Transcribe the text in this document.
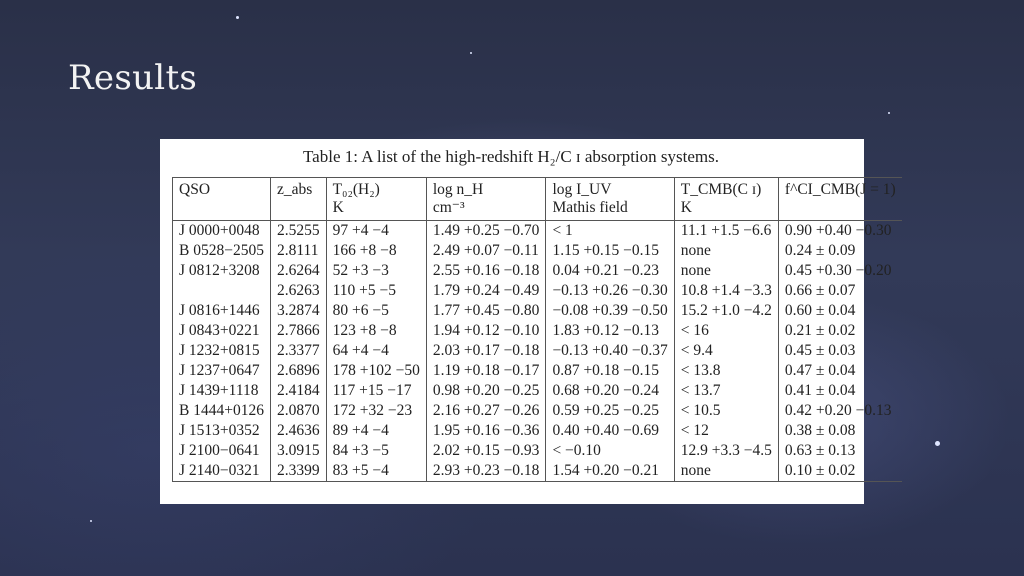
Results
Table 1: A list of the high-redshift H₂/C ɪ absorption systems.
QSO	z_abs	T₀₂(H₂)	log n_H	log I_UV	T_CMB(C ɪ)	f^CI_CMB(J = 1)
		K	cm⁻³	Mathis field	K	
J 0000+0048	2.5255	97 +4 −4	1.49 +0.25 −0.70	< 1	11.1 +1.5 −6.6	0.90 +0.40 −0.30
B 0528−2505	2.8111	166 +8 −8	2.49 +0.07 −0.11	1.15 +0.15 −0.15	none	0.24 ± 0.09
J 0812+3208	2.6264	52 +3 −3	2.55 +0.16 −0.18	0.04 +0.21 −0.23	none	0.45 +0.30 −0.20
	2.6263	110 +5 −5	1.79 +0.24 −0.49	−0.13 +0.26 −0.30	10.8 +1.4 −3.3	0.66 ± 0.07
J 0816+1446	3.2874	80 +6 −5	1.77 +0.45 −0.80	−0.08 +0.39 −0.50	15.2 +1.0 −4.2	0.60 ± 0.04
J 0843+0221	2.7866	123 +8 −8	1.94 +0.12 −0.10	1.83 +0.12 −0.13	< 16	0.21 ± 0.02
J 1232+0815	2.3377	64 +4 −4	2.03 +0.17 −0.18	−0.13 +0.40 −0.37	< 9.4	0.45 ± 0.03
J 1237+0647	2.6896	178 +102 −50	1.19 +0.18 −0.17	0.87 +0.18 −0.15	< 13.8	0.47 ± 0.04
J 1439+1118	2.4184	117 +15 −17	0.98 +0.20 −0.25	0.68 +0.20 −0.24	< 13.7	0.41 ± 0.04
B 1444+0126	2.0870	172 +32 −23	2.16 +0.27 −0.26	0.59 +0.25 −0.25	< 10.5	0.42 +0.20 −0.13
J 1513+0352	2.4636	89 +4 −4	1.95 +0.16 −0.36	0.40 +0.40 −0.69	< 12	0.38 ± 0.08
J 2100−0641	3.0915	84 +3 −5	2.02 +0.15 −0.93	< −0.10	12.9 +3.3 −4.5	0.63 ± 0.13
J 2140−0321	2.3399	83 +5 −4	2.93 +0.23 −0.18	1.54 +0.20 −0.21	none	0.10 ± 0.02
